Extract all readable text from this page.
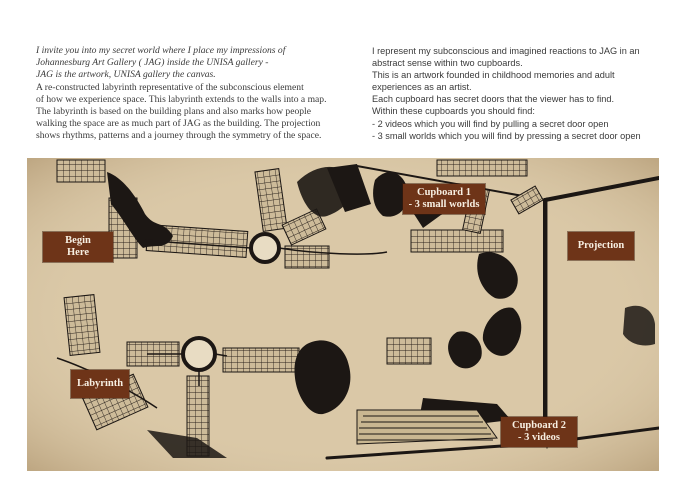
I invite you into my secret world where I place my impressions of

Johannesburg Art Gallery ( JAG) inside the UNISA gallery -

JAG is the artwork, UNISA gallery the canvas.

A re-constructed labyrinth representative of the subconscious element

of how we experience space. This labyrinth extends to the walls into a map.

The labyrinth is based on the building plans and also marks how people

walking the space are as much part of JAG as the building. The projection

shows rhythms, patterns and a journey through the symmetry of the space.

I represent my subconscious and imagined reactions to JAG in an

abstract sense within two cupboards.

This is an artwork founded in childhood memories and adult

experiences as an artist.

Each cupboard has secret doors that the viewer has to find.

Within these cupboards you should find:

- 2 videos which you will find by pulling a secret door open

- 3 small worlds which you will find by pressing a secret door open

Begin
Here
Cupboard 1
- 3 small worlds
Projection
Labyrinth
Cupboard 2
- 3 videos
